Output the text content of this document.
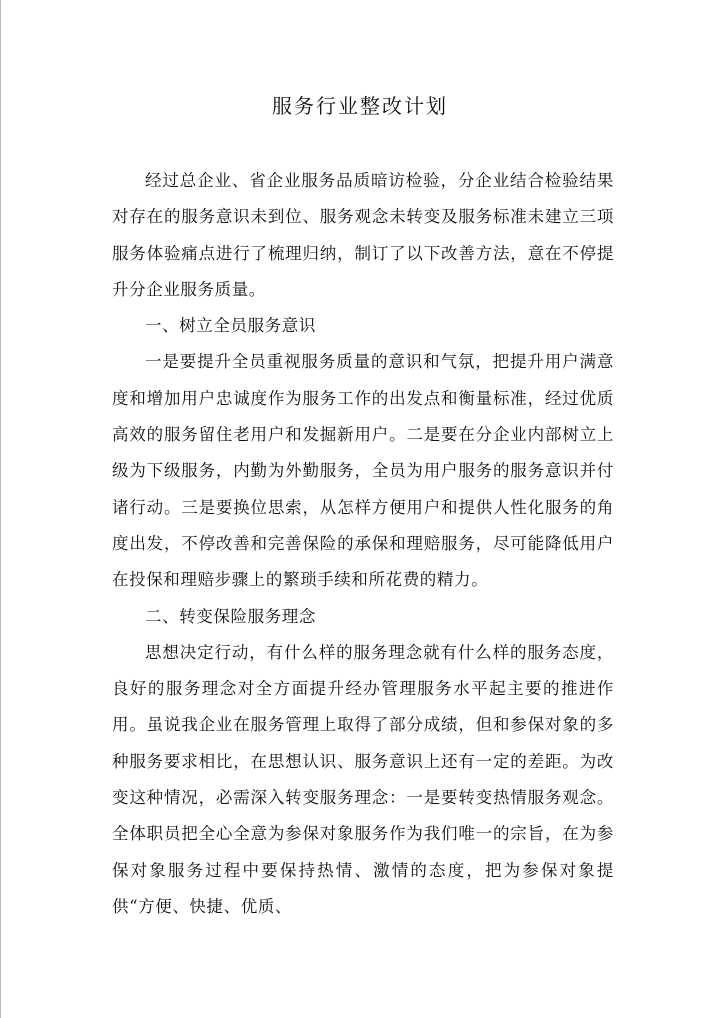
服务行业整改计划

经过总企业、省企业服务品质暗访检验，分企业结合检验结果对存在的服务意识未到位、服务观念未转变及服务标准未建立三项服务体验痛点进行了梳理归纳，制订了以下改善方法，意在不停提升分企业服务质量。

一、树立全员服务意识

一是要提升全员重视服务质量的意识和气氛，把提升用户满意度和增加用户忠诚度作为服务工作的出发点和衡量标准，经过优质高效的服务留住老用户和发掘新用户。二是要在分企业内部树立上级为下级服务，内勤为外勤服务，全员为用户服务的服务意识并付诸行动。三是要换位思索，从怎样方便用户和提供人性化服务的角度出发，不停改善和完善保险的承保和理赔服务，尽可能降低用户在投保和理赔步骤上的繁琐手续和所花费的精力。

二、转变保险服务理念

思想决定行动，有什么样的服务理念就有什么样的服务态度，良好的服务理念对全方面提升经办管理服务水平起主要的推进作用。虽说我企业在服务管理上取得了部分成绩，但和参保对象的多种服务要求相比，在思想认识、服务意识上还有一定的差距。为改变这种情况，必需深入转变服务理念：一是要转变热情服务观念。全体职员把全心全意为参保对象服务作为我们唯一的宗旨，在为参保对象服务过程中要保持热情、激情的态度，把为参保对象提供“方便、快捷、优质、
